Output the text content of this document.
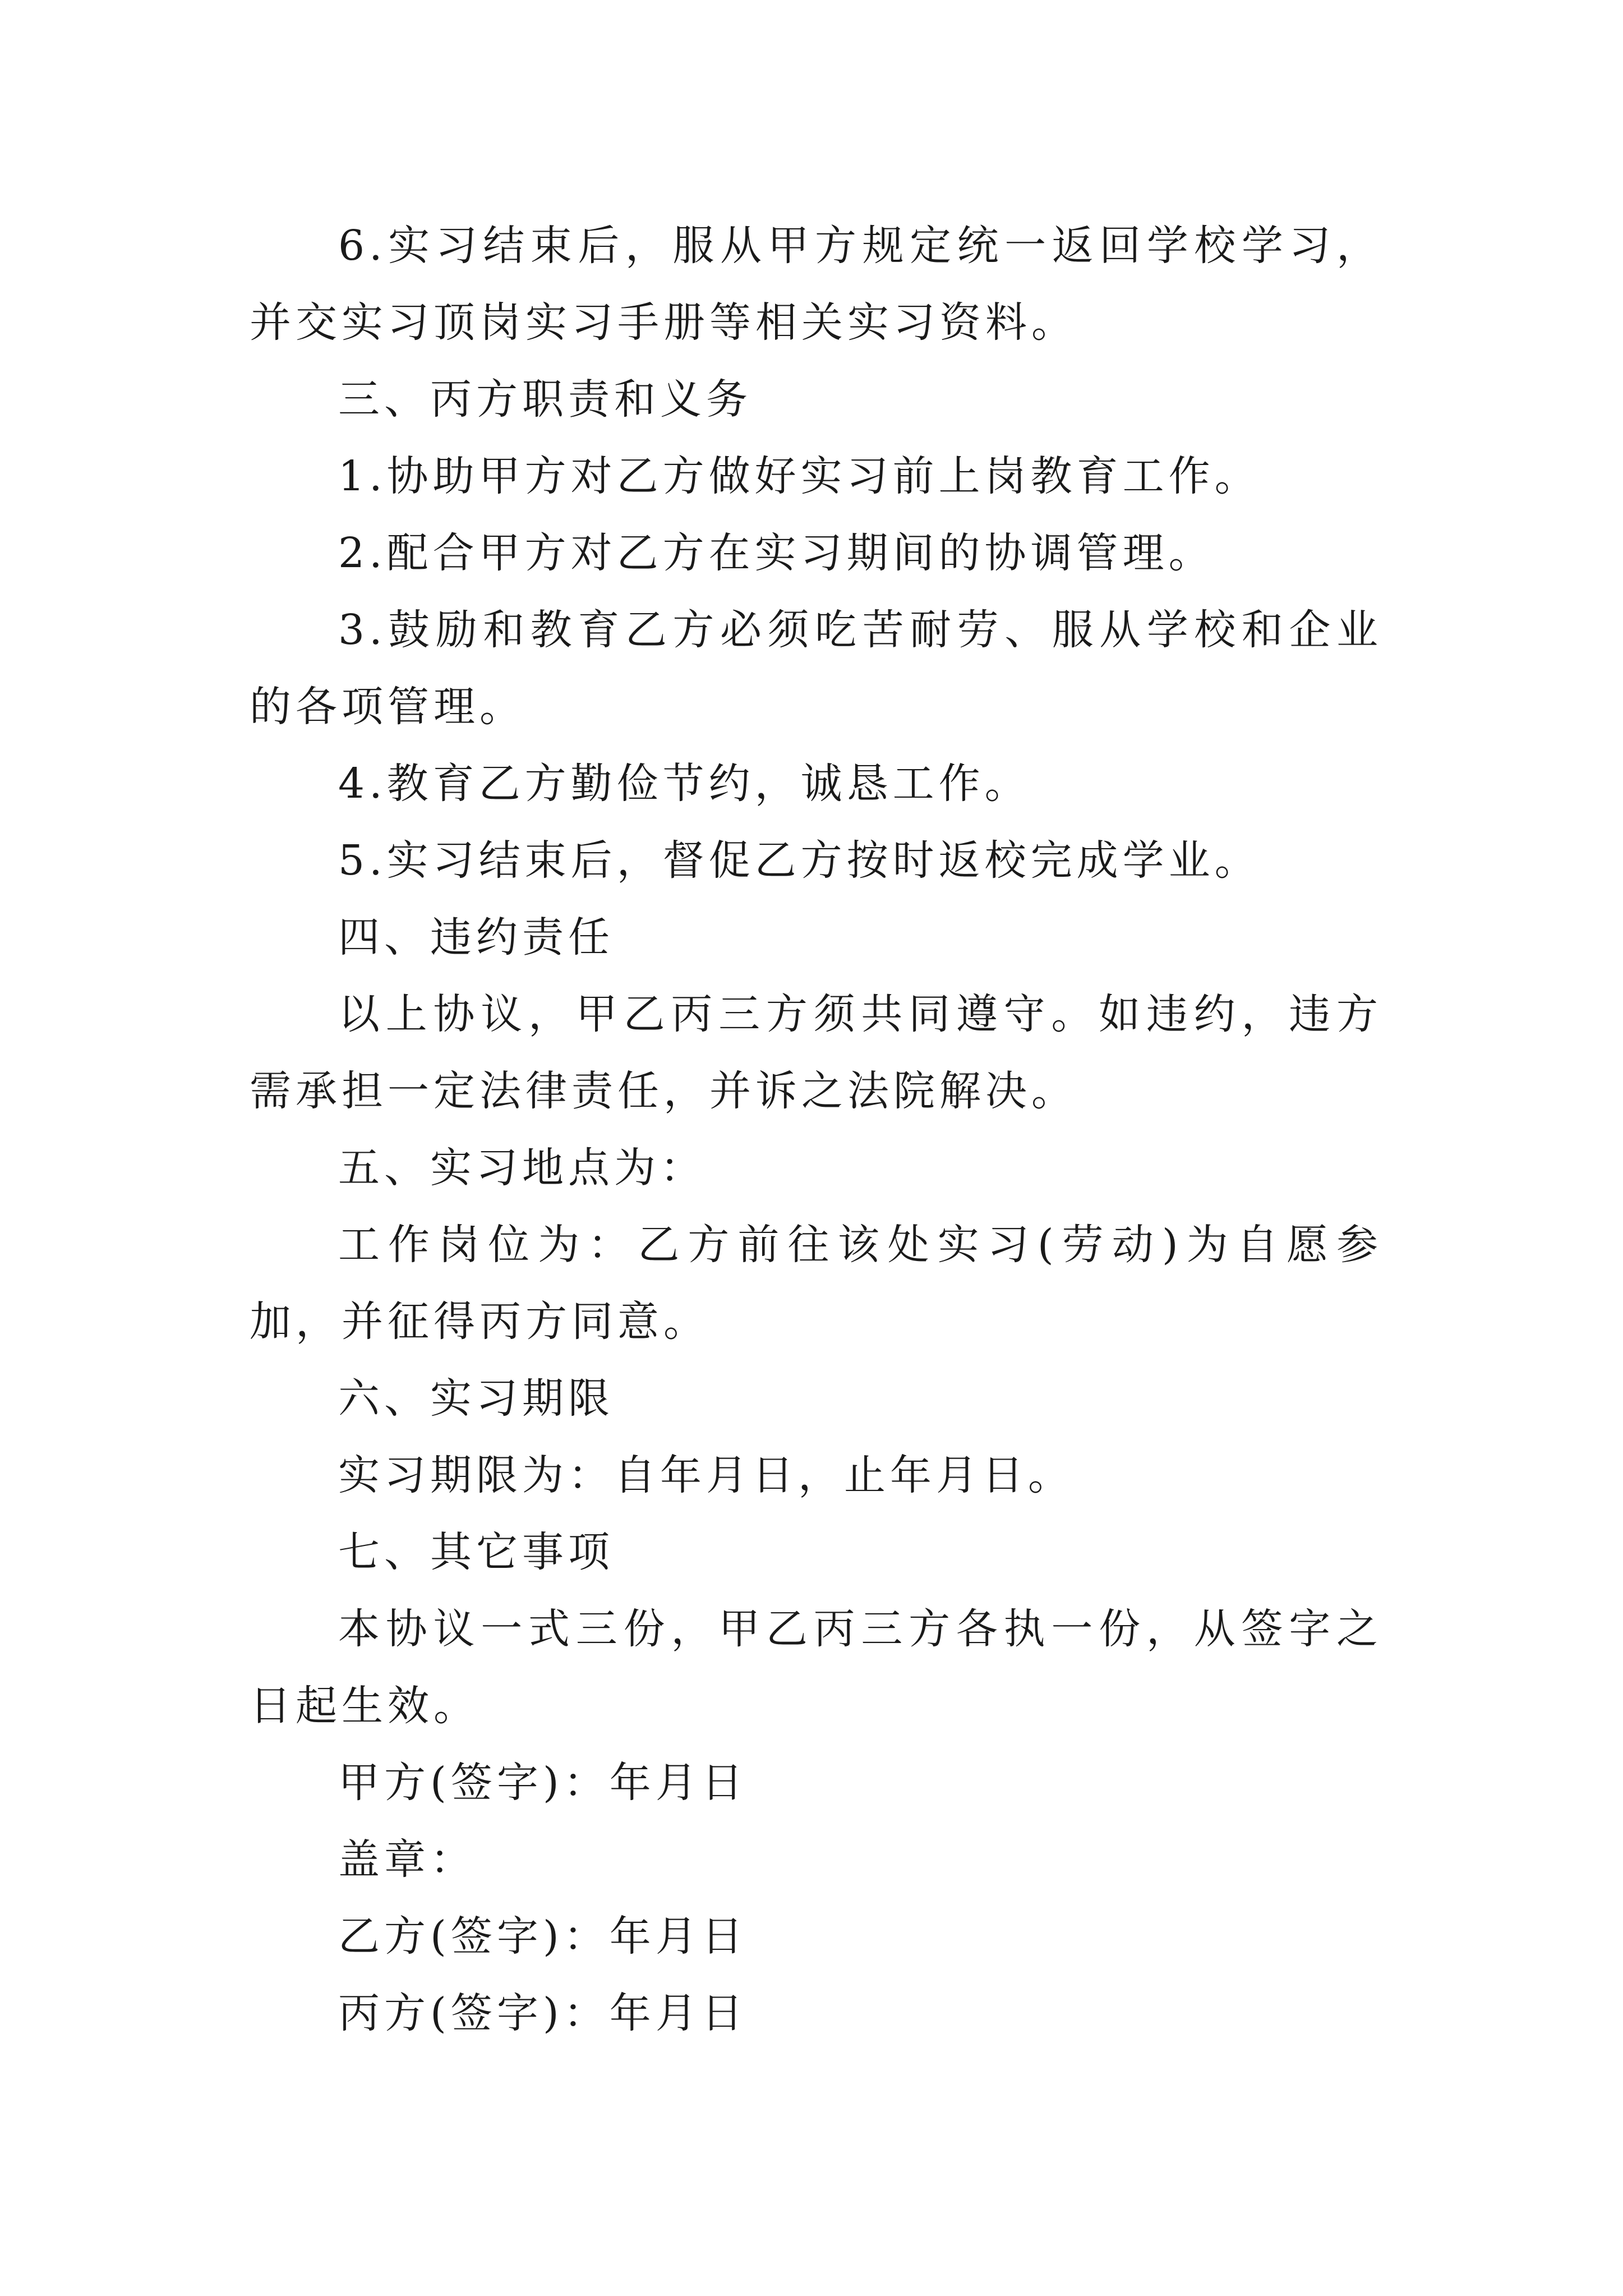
6.实习结束后，服从甲方规定统一返回学校学习，并交实习顶岗实习手册等相关实习资料。

三、丙方职责和义务

1.协助甲方对乙方做好实习前上岗教育工作。

2.配合甲方对乙方在实习期间的协调管理。

3.鼓励和教育乙方必须吃苦耐劳、服从学校和企业的各项管理。

4.教育乙方勤俭节约，诚恳工作。

5.实习结束后，督促乙方按时返校完成学业。

四、违约责任

以上协议，甲乙丙三方须共同遵守。如违约，违方需承担一定法律责任，并诉之法院解决。

五、实习地点为：

工作岗位为：乙方前往该处实习(劳动)为自愿参加，并征得丙方同意。

六、实习期限

实习期限为：自年月日，止年月日。

七、其它事项

本协议一式三份，甲乙丙三方各执一份，从签字之日起生效。

甲方(签字)：年月日

盖章：

乙方(签字)：年月日

丙方(签字)：年月日
